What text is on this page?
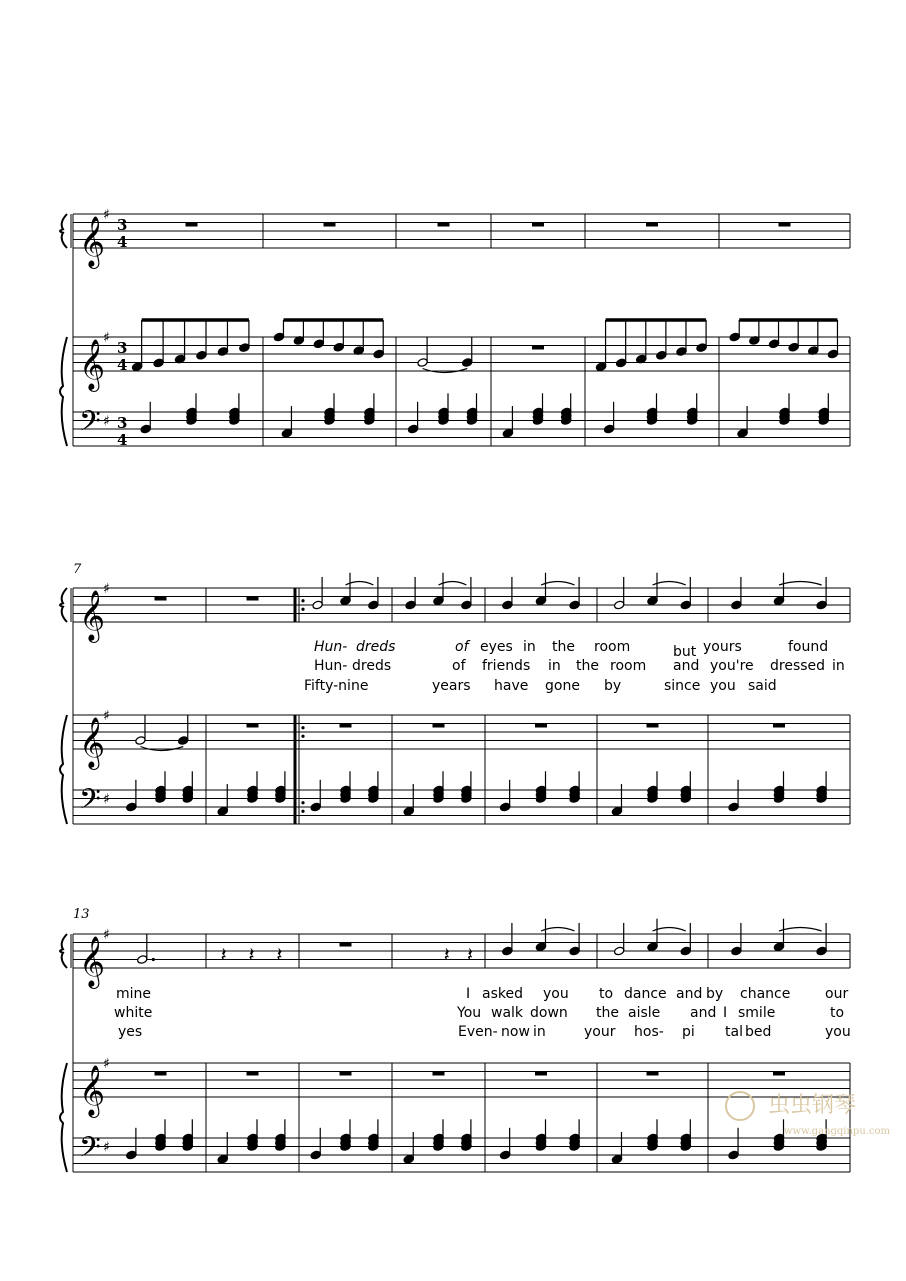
𝄞
𝄞
𝄢
𝄞
𝄞
𝄢
𝄞
𝄞
𝄢
♯
♯
♯
♯
♯
♯
♯
♯
♯
3
4
3
4
3
4
𝄽 𝄽 𝄽	𝄽 𝄽
7
13
Hun- dreds	of eyes in the room	but yours	found
Hun- dreds	of friends in the room and you're dressed in
Fifty-nine	years have gone by	since you said
mine	I asked you to dance and by chance our
white	You walk down the aisle and I smile	to
yes	Even- now in	your hos- pi tal bed	you
虫虫钢琴
www.gangqinpu.com
